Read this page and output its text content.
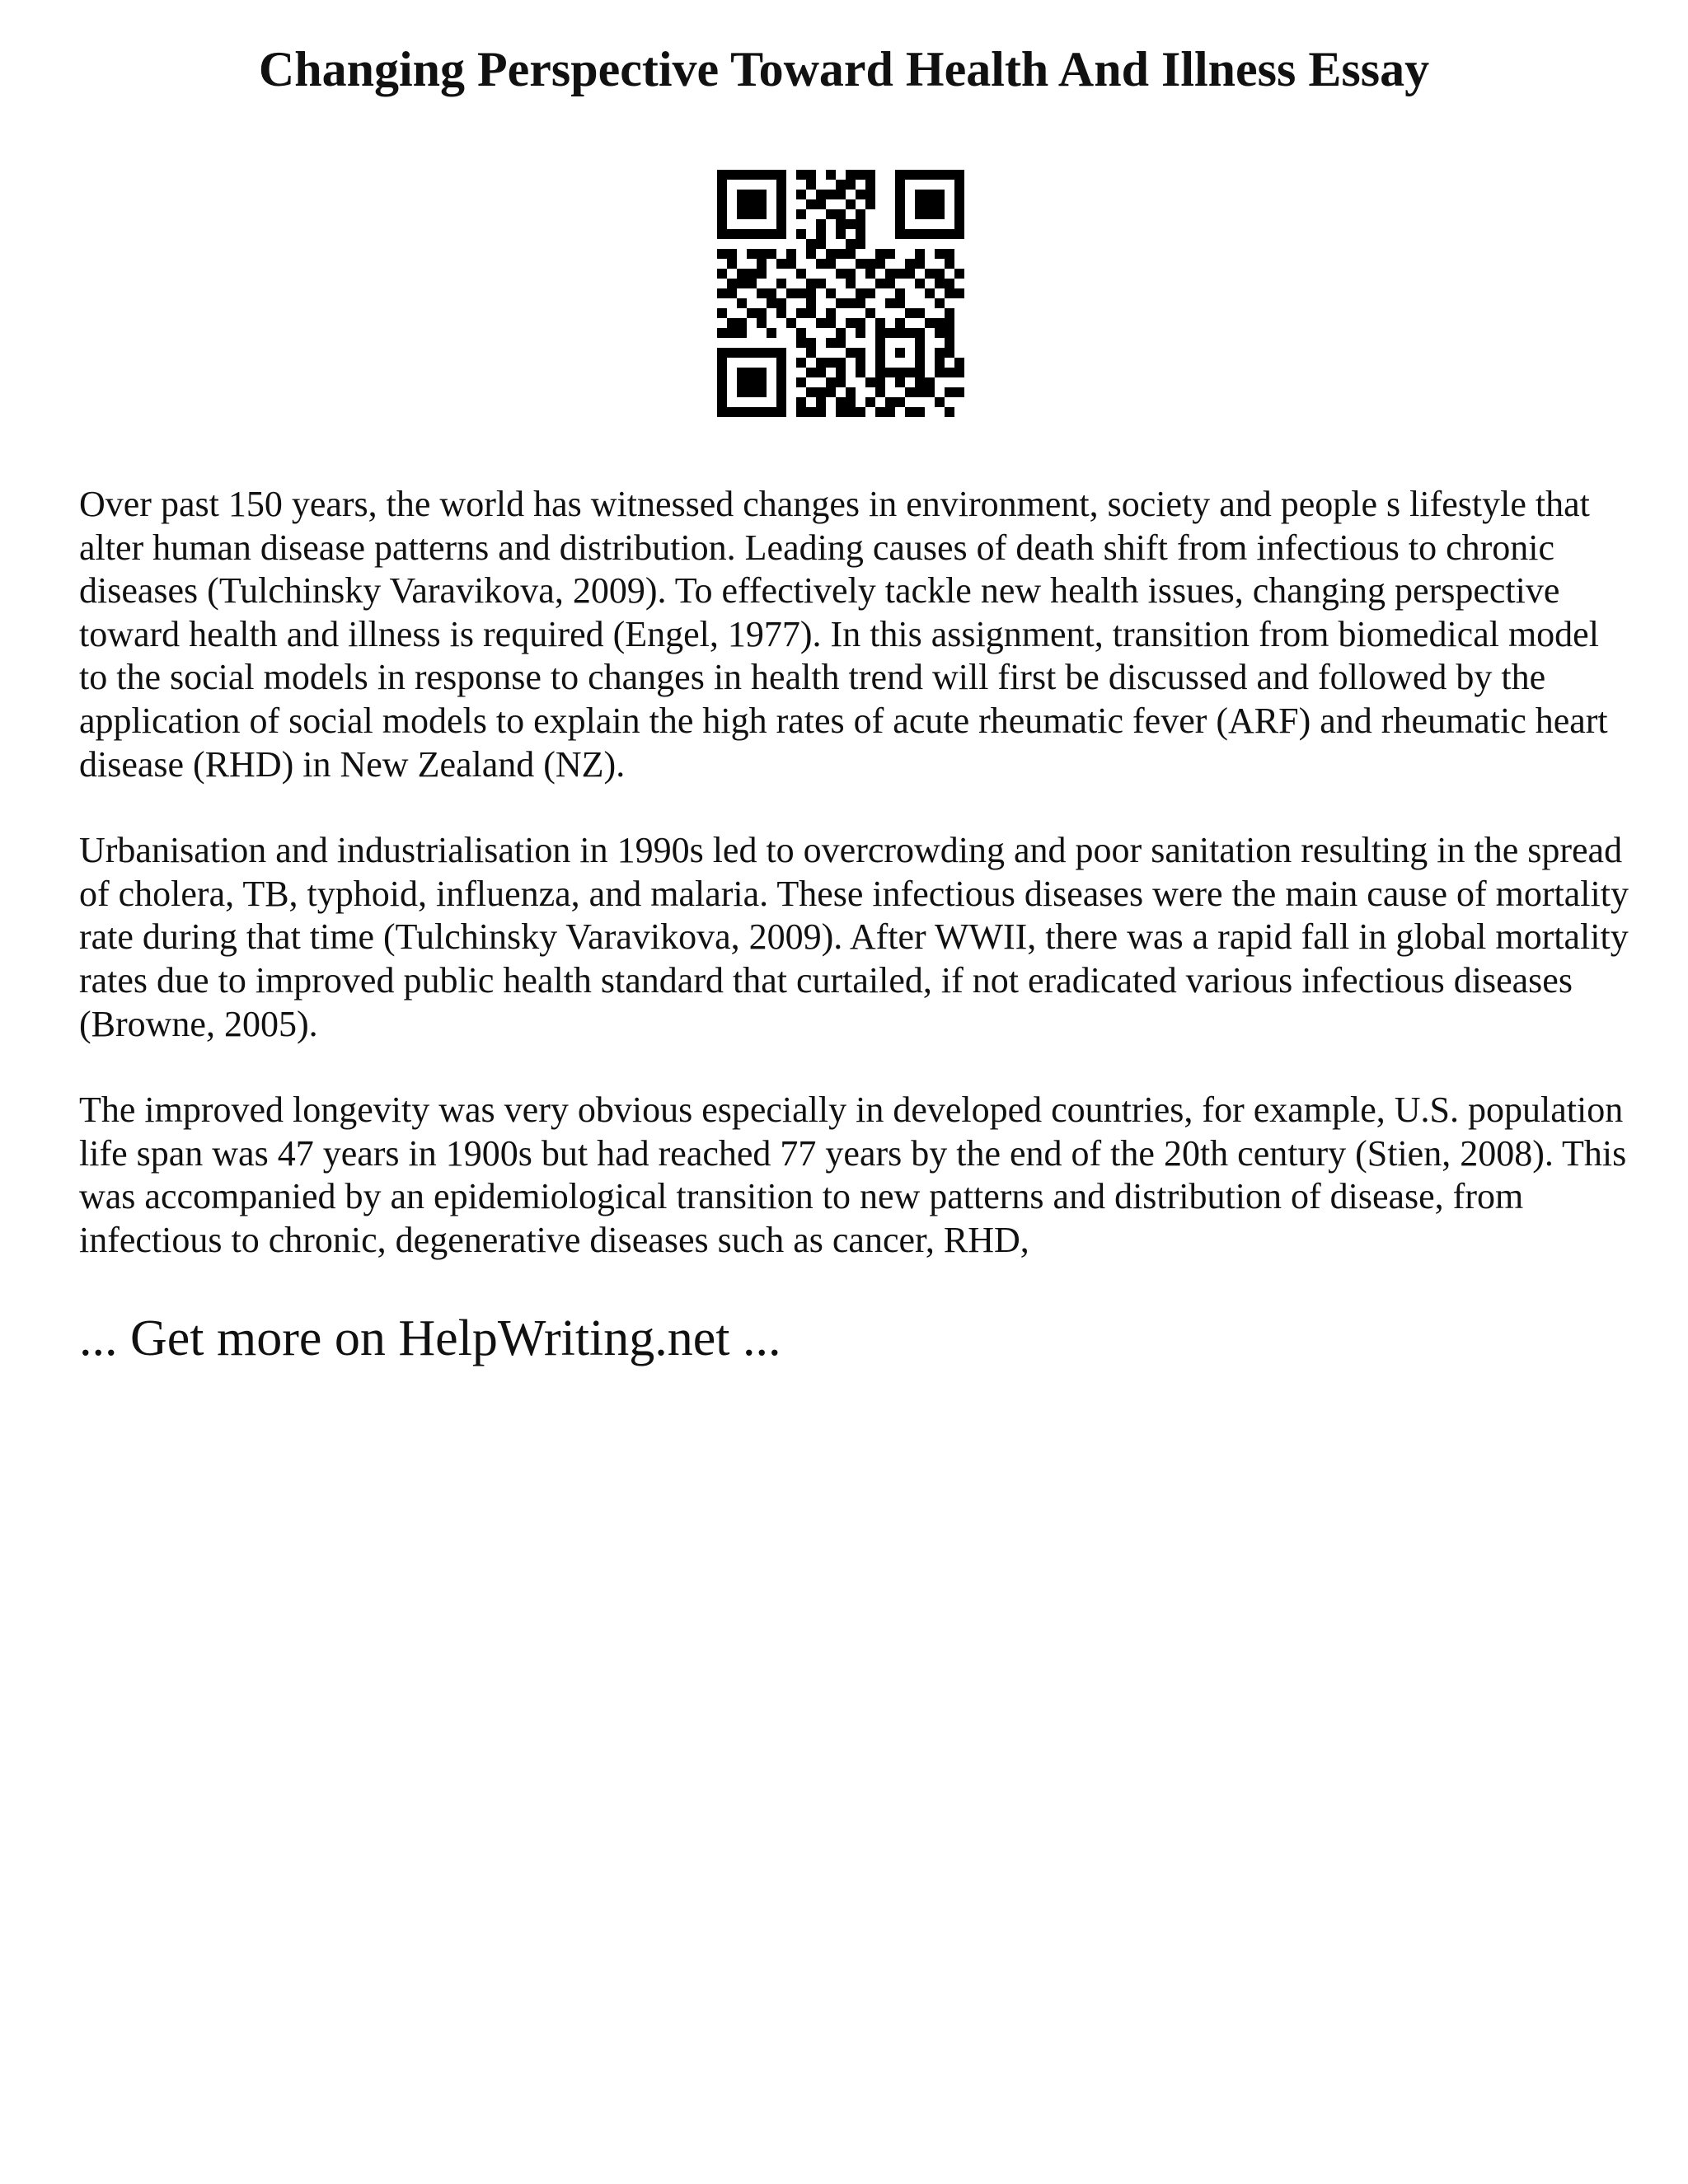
Changing Perspective Toward Health And Illness Essay

Over past 150 years, the world has witnessed changes in environment, society and people s lifestyle that alter human disease patterns and distribution. Leading causes of death shift from infectious to chronic diseases (Tulchinsky Varavikova, 2009). To effectively tackle new health issues, changing perspective toward health and illness is required (Engel, 1977). In this assignment, transition from biomedical model to the social models in response to changes in health trend will first be discussed and followed by the application of social models to explain the high rates of acute rheumatic fever (ARF) and rheumatic heart disease (RHD) in New Zealand (NZ).

Urbanisation and industrialisation in 1990s led to overcrowding and poor sanitation resulting in the spread of cholera, TB, typhoid, influenza, and malaria. These infectious diseases were the main cause of mortality rate during that time (Tulchinsky Varavikova, 2009). After WWII, there was a rapid fall in global mortality rates due to improved public health standard that curtailed, if not eradicated various infectious diseases (Browne, 2005).

The improved longevity was very obvious especially in developed countries, for example, U.S. population life span was 47 years in 1900s but had reached 77 years by the end of the 20th century (Stien, 2008). This was accompanied by an epidemiological transition to new patterns and distribution of disease, from infectious to chronic, degenerative diseases such as cancer, RHD,

... Get more on HelpWriting.net ...
